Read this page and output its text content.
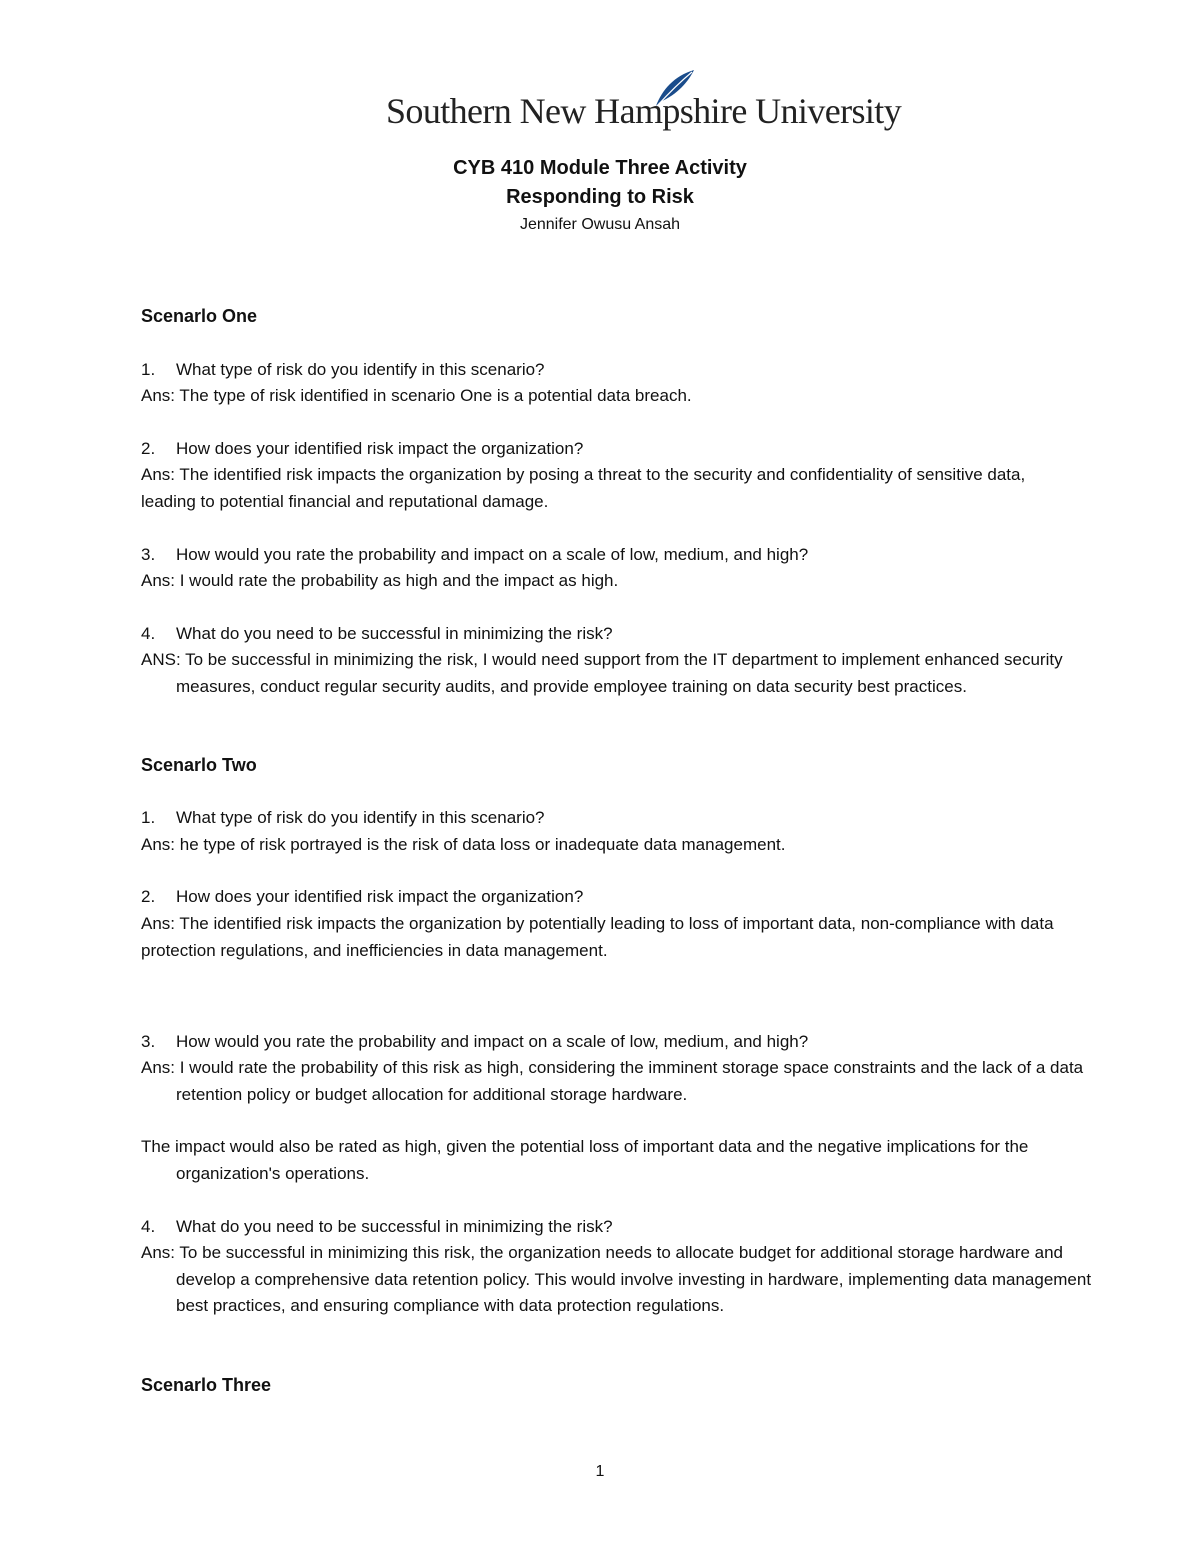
Southern New Hampshire University
CYB 410 Module Three Activity
Responding to Risk
Jennifer Owusu Ansah
Scenarlo One
1.	What type of risk do you identify in this scenario?
Ans: The type of risk identified in scenario One is a potential data breach.
2.	How does your identified risk impact the organization?
Ans: The identified risk impacts the organization by posing a threat to the security and confidentiality of sensitive data, leading to potential financial and reputational damage.
3.	How would you rate the probability and impact on a scale of low, medium, and high?
Ans: I would rate the probability as high and the impact as high.
4.	What do you need to be successful in minimizing the risk?
ANS: To be successful in minimizing the risk, I would need support from the IT department to implement enhanced security measures, conduct regular security audits, and provide employee training on data security best practices.
Scenarlo Two
1.	What type of risk do you identify in this scenario?
Ans: he type of risk portrayed is the risk of data loss or inadequate data management.
2.	How does your identified risk impact the organization?
Ans: The identified risk impacts the organization by potentially leading to loss of important data, non-compliance with data protection regulations, and inefficiencies in data management.
3.	How would you rate the probability and impact on a scale of low, medium, and high?
Ans: I would rate the probability of this risk as high, considering the imminent storage space constraints and the lack of a data retention policy or budget allocation for additional storage hardware.
The impact would also be rated as high, given the potential loss of important data and the negative implications for the organization's operations.
4.	What do you need to be successful in minimizing the risk?
Ans: To be successful in minimizing this risk, the organization needs to allocate budget for additional storage hardware and develop a comprehensive data retention policy. This would involve investing in hardware, implementing data management best practices, and ensuring compliance with data protection regulations.
Scenarlo Three
1
